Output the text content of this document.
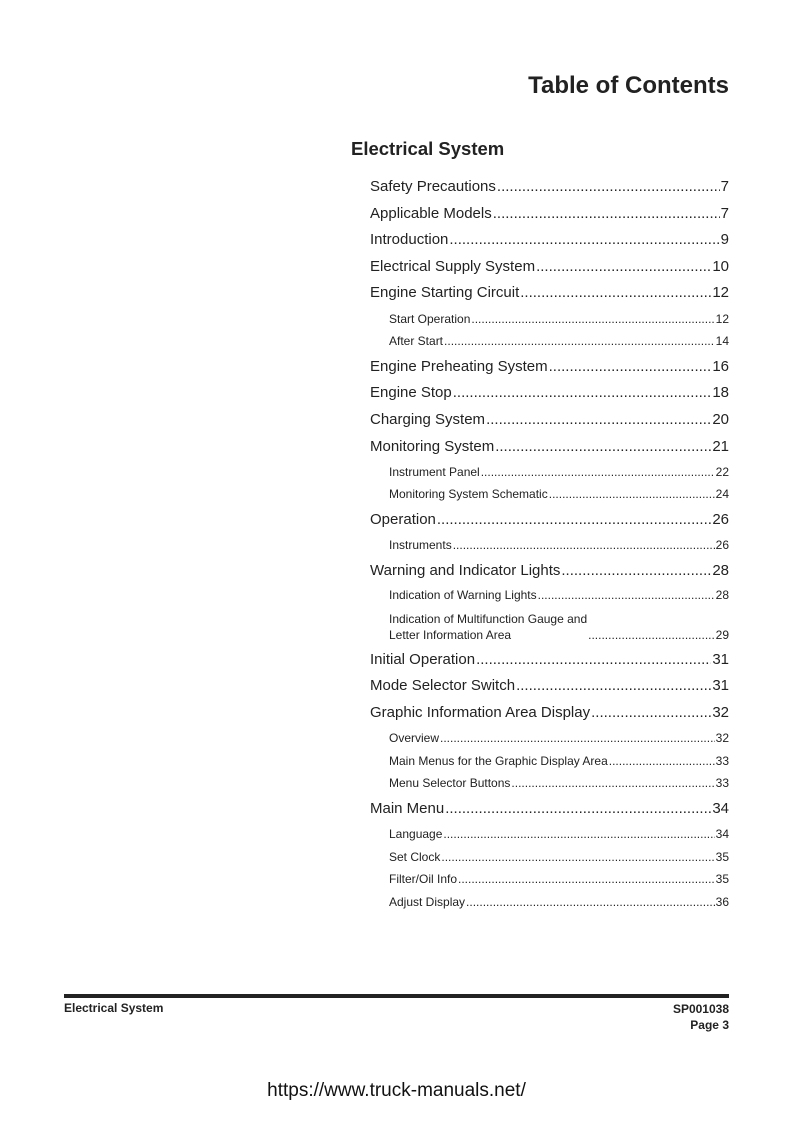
Table of Contents
Electrical System
Safety Precautions .....	7
Applicable Models .....	7
Introduction .....	9
Electrical Supply System .....	10
Engine Starting Circuit .....	12
Start Operation .....	12
After Start .....	14
Engine Preheating System .....	16
Engine Stop .....	18
Charging System .....	20
Monitoring System .....	21
Instrument Panel .....	22
Monitoring System Schematic .....	24
Operation .....	26
Instruments .....	26
Warning and Indicator Lights .....	28
Indication of Warning Lights .....	28
Indication of Multifunction Gauge and
Letter Information Area .....	29
Initial Operation .....	31
Mode Selector Switch .....	31
Graphic Information Area Display .....	32
Overview .....	32
Main Menus for the Graphic Display Area .....	33
Menu Selector Buttons .....	33
Main Menu .....	34
Language .....	34
Set Clock .....	35
Filter/Oil Info .....	35
Adjust Display .....	36
Electrical System	SP001038
Page 3
https://www.truck-manuals.net/
